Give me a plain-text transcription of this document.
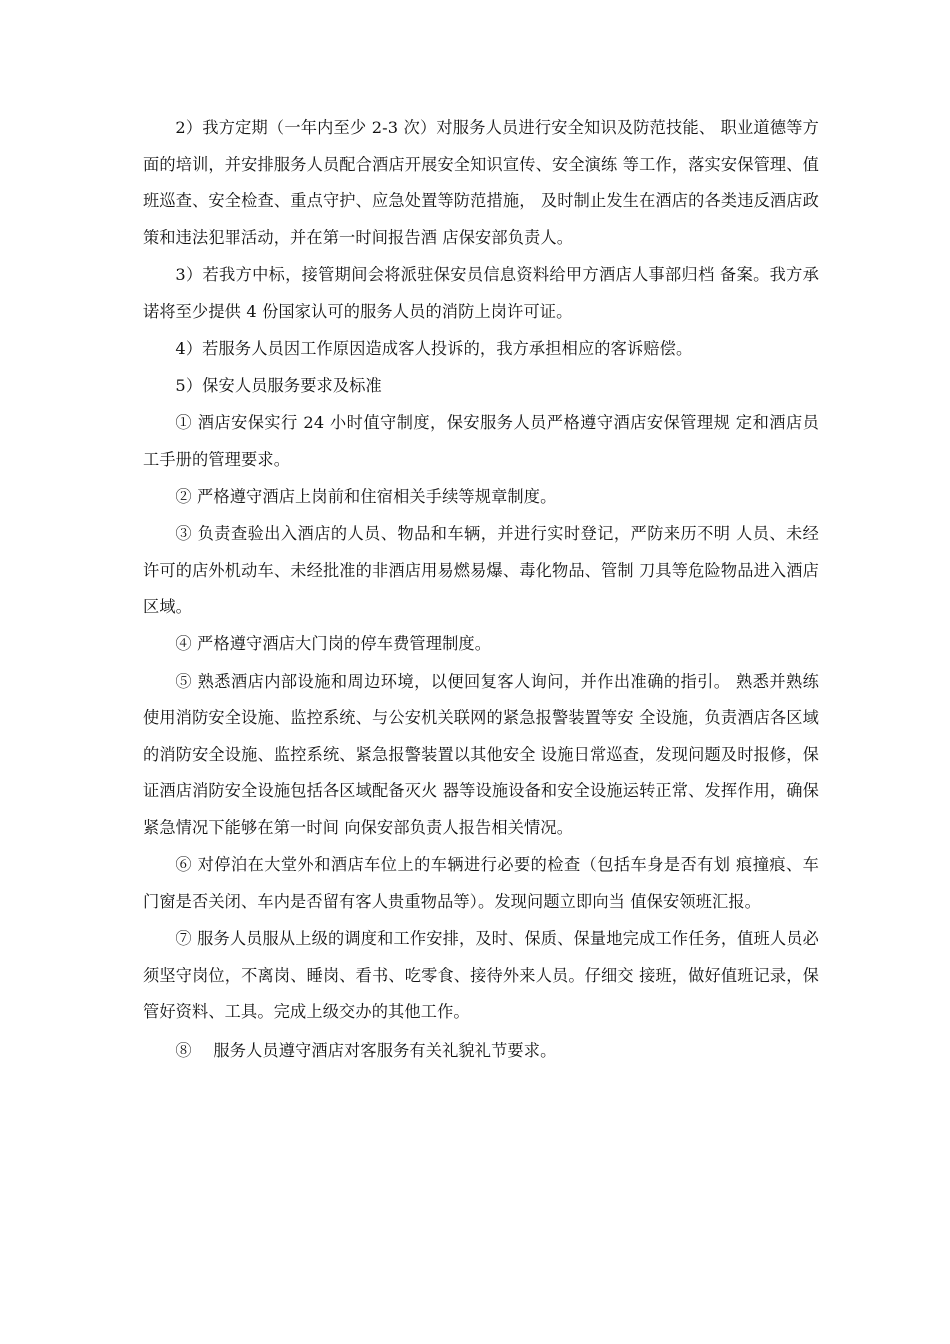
2）我方定期（一年内至少 2-3 次）对服务人员进行安全知识及防范技能、 职业道德等方面的培训，并安排服务人员配合酒店开展安全知识宣传、安全演练 等工作，落实安保管理、值班巡查、安全检查、重点守护、应急处置等防范措施， 及时制止发生在酒店的各类违反酒店政策和违法犯罪活动，并在第一时间报告酒 店保安部负责人。

3）若我方中标，接管期间会将派驻保安员信息资料给甲方酒店人事部归档 备案。我方承诺将至少提供 4 份国家认可的服务人员的消防上岗许可证。

4）若服务人员因工作原因造成客人投诉的，我方承担相应的客诉赔偿。

5）保安人员服务要求及标准

① 酒店安保实行 24 小时值守制度，保安服务人员严格遵守酒店安保管理规 定和酒店员工手册的管理要求。

② 严格遵守酒店上岗前和住宿相关手续等规章制度。

③ 负责查验出入酒店的人员、物品和车辆，并进行实时登记，严防来历不明 人员、未经许可的店外机动车、未经批准的非酒店用易燃易爆、毒化物品、管制 刀具等危险物品进入酒店区域。

④ 严格遵守酒店大门岗的停车费管理制度。

⑤ 熟悉酒店内部设施和周边环境，以便回复客人询问，并作出准确的指引。 熟悉并熟练使用消防安全设施、监控系统、与公安机关联网的紧急报警装置等安 全设施，负责酒店各区域的消防安全设施、监控系统、紧急报警装置以其他安全 设施日常巡查，发现问题及时报修，保证酒店消防安全设施包括各区域配备灭火 器等设施设备和安全设施运转正常、发挥作用，确保紧急情况下能够在第一时间 向保安部负责人报告相关情况。

⑥ 对停泊在大堂外和酒店车位上的车辆进行必要的检查（包括车身是否有划 痕撞痕、车门窗是否关闭、车内是否留有客人贵重物品等）。发现问题立即向当 值保安领班汇报。

⑦ 服务人员服从上级的调度和工作安排，及时、保质、保量地完成工作任务，值班人员必须坚守岗位，不离岗、睡岗、看书、吃零食、接待外来人员。仔细交 接班，做好值班记录，保管好资料、工具。完成上级交办的其他工作。

⑧　 服务人员遵守酒店对客服务有关礼貌礼节要求。
